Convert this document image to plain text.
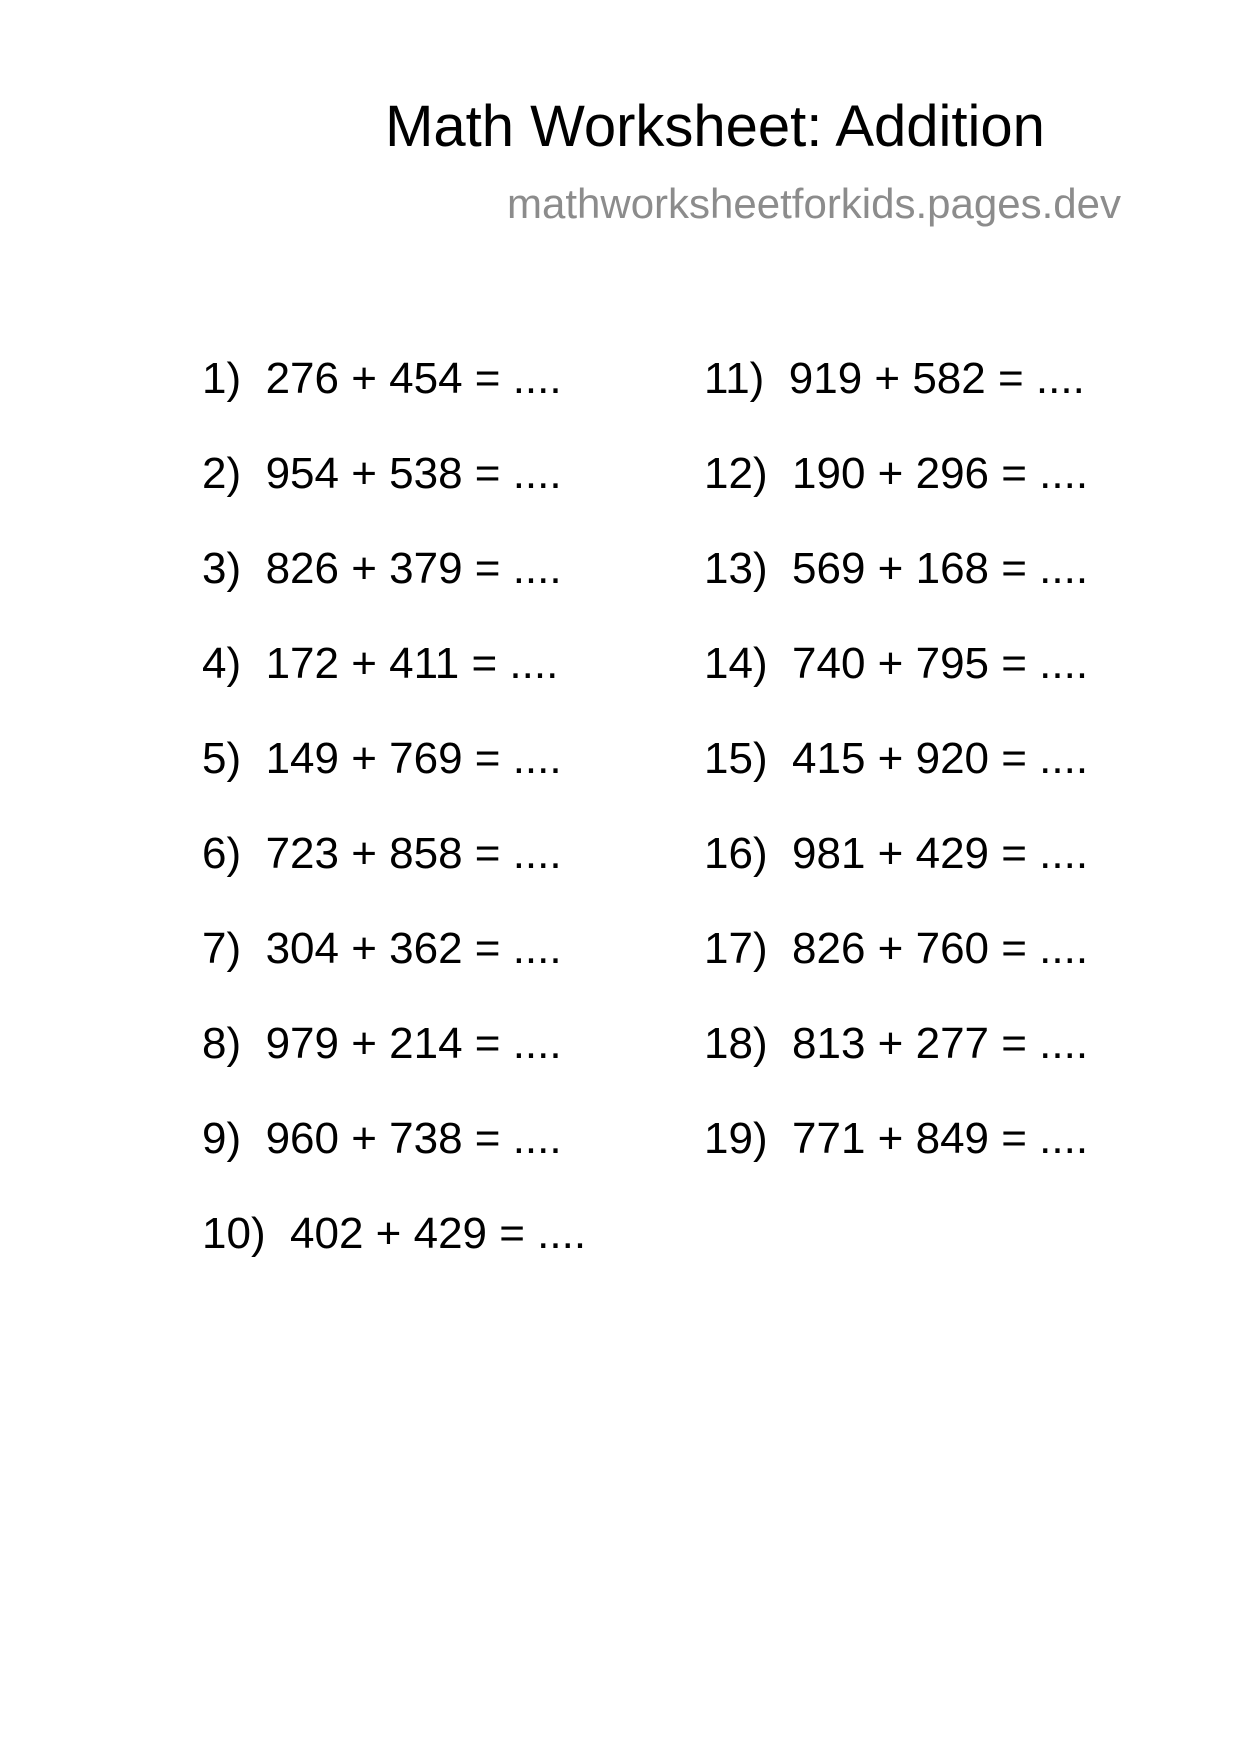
Math Worksheet: Addition
mathworksheetforkids.pages.dev
1) 276 + 454 = ....
2) 954 + 538 = ....
3) 826 + 379 = ....
4) 172 + 411 = ....
5) 149 + 769 = ....
6) 723 + 858 = ....
7) 304 + 362 = ....
8) 979 + 214 = ....
9) 960 + 738 = ....
10) 402 + 429 = ....
11) 919 + 582 = ....
12) 190 + 296 = ....
13) 569 + 168 = ....
14) 740 + 795 = ....
15) 415 + 920 = ....
16) 981 + 429 = ....
17) 826 + 760 = ....
18) 813 + 277 = ....
19) 771 + 849 = ....
